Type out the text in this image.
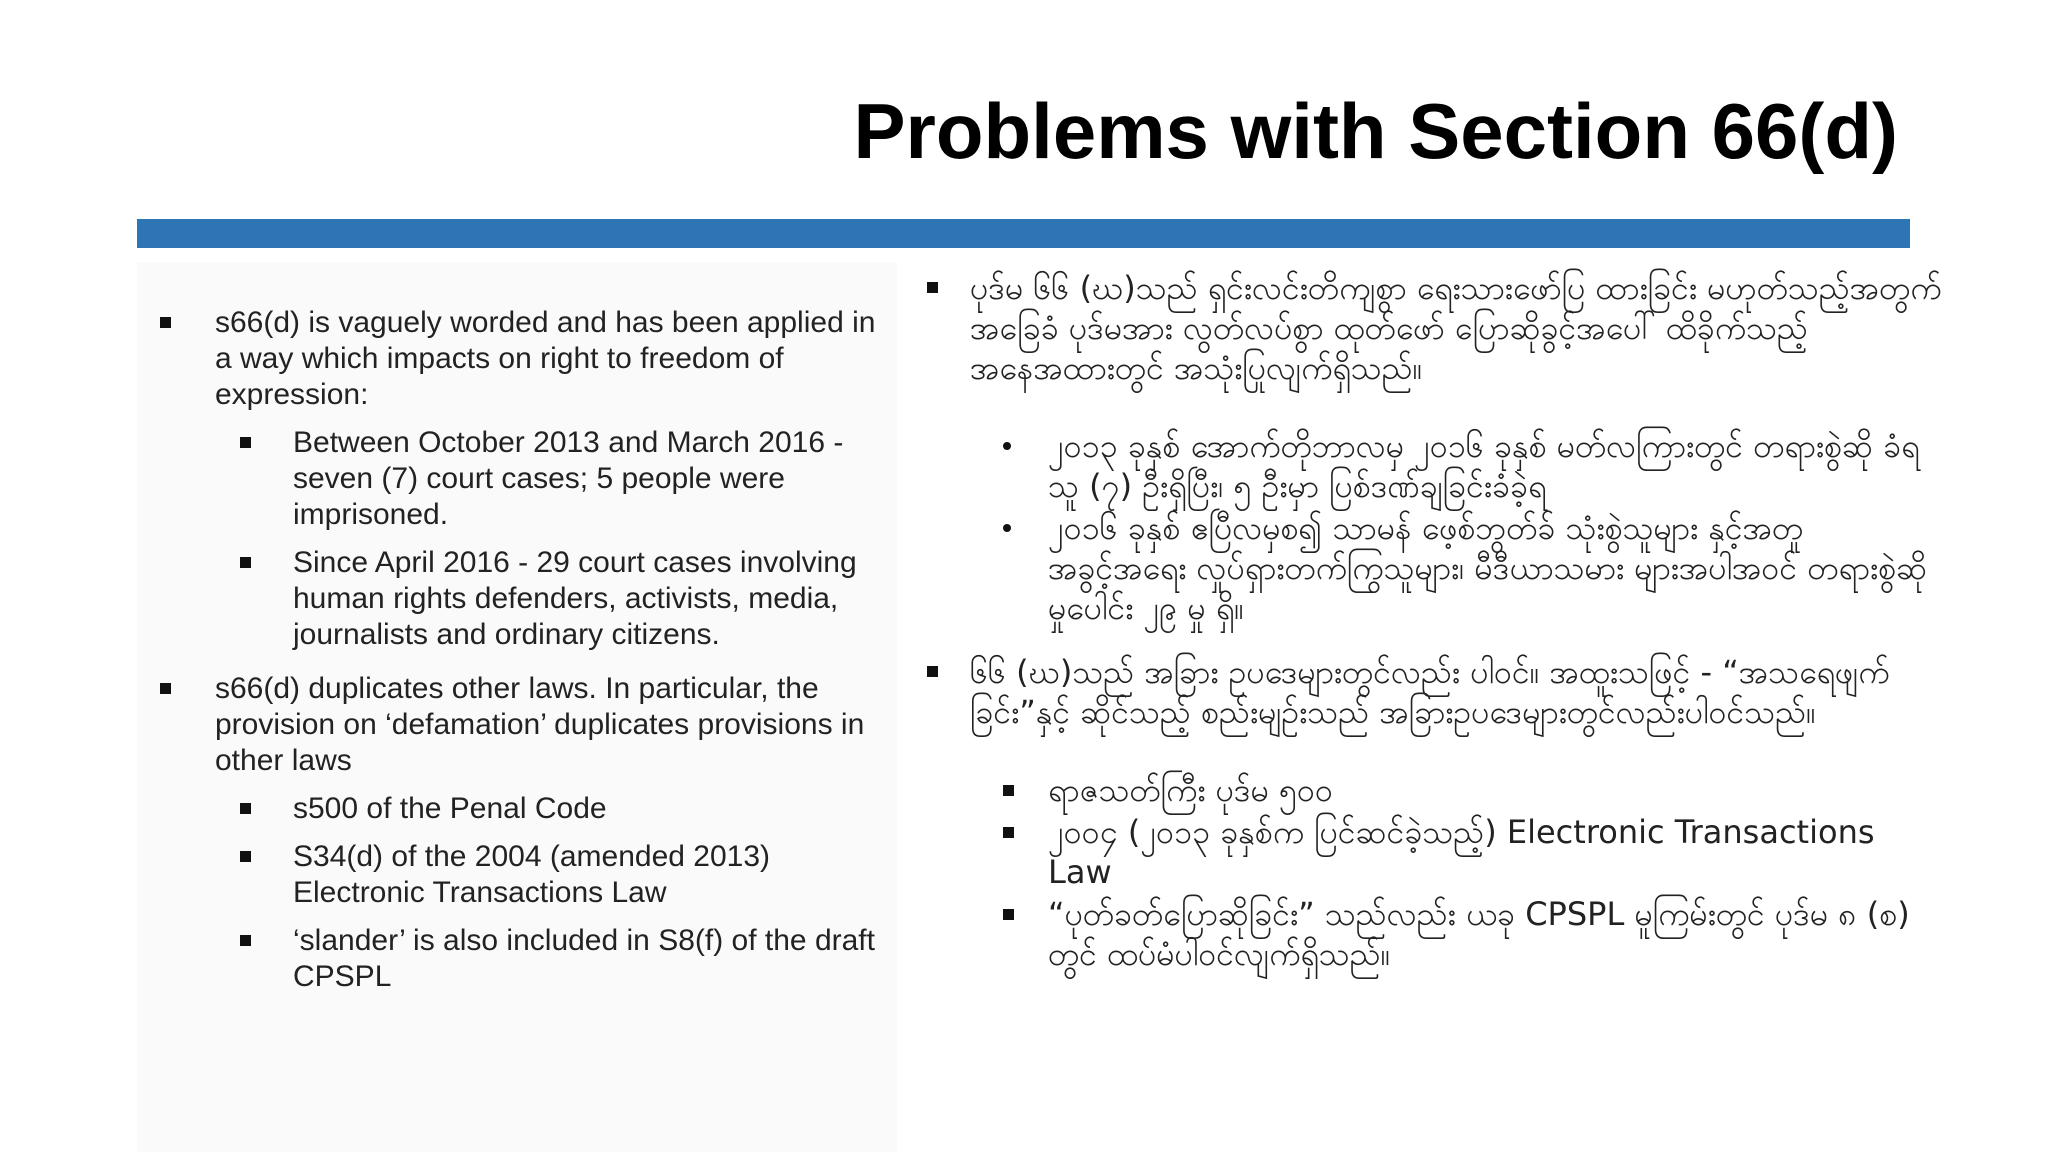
Problems with Section 66(d)
s66(d) is vaguely worded and has been applied in a way which impacts on right to freedom of expression:
Between October 2013 and March 2016 - seven (7) court cases; 5 people were imprisoned.
Since April 2016 - 29 court cases involving human rights defenders, activists, media, journalists and ordinary citizens.
s66(d) duplicates other laws. In particular, the provision on ‘defamation’ duplicates provisions in other laws
s500 of the Penal Code
S34(d) of the 2004 (amended 2013) Electronic Transactions Law
‘slander’ is also included in S8(f) of the draft CPSPL
ပုဒ်မ ၆၆ (ဃ)သည် ရှင်းလင်းတိကျစွာ ရေးသားဖော်ပြ ထားခြင်း မဟုတ်သည့်အတွက် အခြေခံ ပုဒ်မအား လွတ်လပ်စွာ ထုတ်ဖော် ပြောဆိုခွင့်အပေါ် ထိခိုက်သည့် အနေအထားတွင် အသုံးပြုလျက်ရှိသည်။
၂၀၁၃ ခုနှစ် အောက်တိုဘာလမှ ၂၀၁၆ ခုနှစ် မတ်လကြားတွင် တရားစွဲဆို ခံရသူ (၇) ဦးရှိပြီး၊ ၅ ဦးမှာ ပြစ်ဒဏ်ချခြင်းခံခဲ့ရ
၂၀၁၆ ခုနှစ် ဧပြီလမှစ၍ သာမန် ဖေ့စ်ဘွတ်ခ် သုံးစွဲသူများ နှင့်အတူ အခွင့်အရေး လှုပ်ရှားတက်ကြွသူများ၊ မီဒီယာသမား များအပါအဝင် တရားစွဲဆိုမှုပေါင်း ၂၉ မှု ရှိ။
၆၆ (ဃ)သည် အခြား ဥပဒေများတွင်လည်း ပါဝင်။ အထူးသဖြင့် - “အသရေဖျက်ခြင်း”နှင့် ဆိုင်သည့် စည်းမျဉ်းသည် အခြားဥပဒေများတွင်လည်းပါဝင်သည်။
ရာဇသတ်ကြီး ပုဒ်မ ၅၀၀
၂၀၀၄ (၂၀၁၃ ခုနှစ်က ပြင်ဆင်ခဲ့သည့်) Electronic Transactions Law
“ပုတ်ခတ်ပြောဆိုခြင်း” သည်လည်း ယခု CPSPL မူကြမ်းတွင် ပုဒ်မ ၈ (စ) တွင် ထပ်မံပါဝင်လျက်ရှိသည်။
